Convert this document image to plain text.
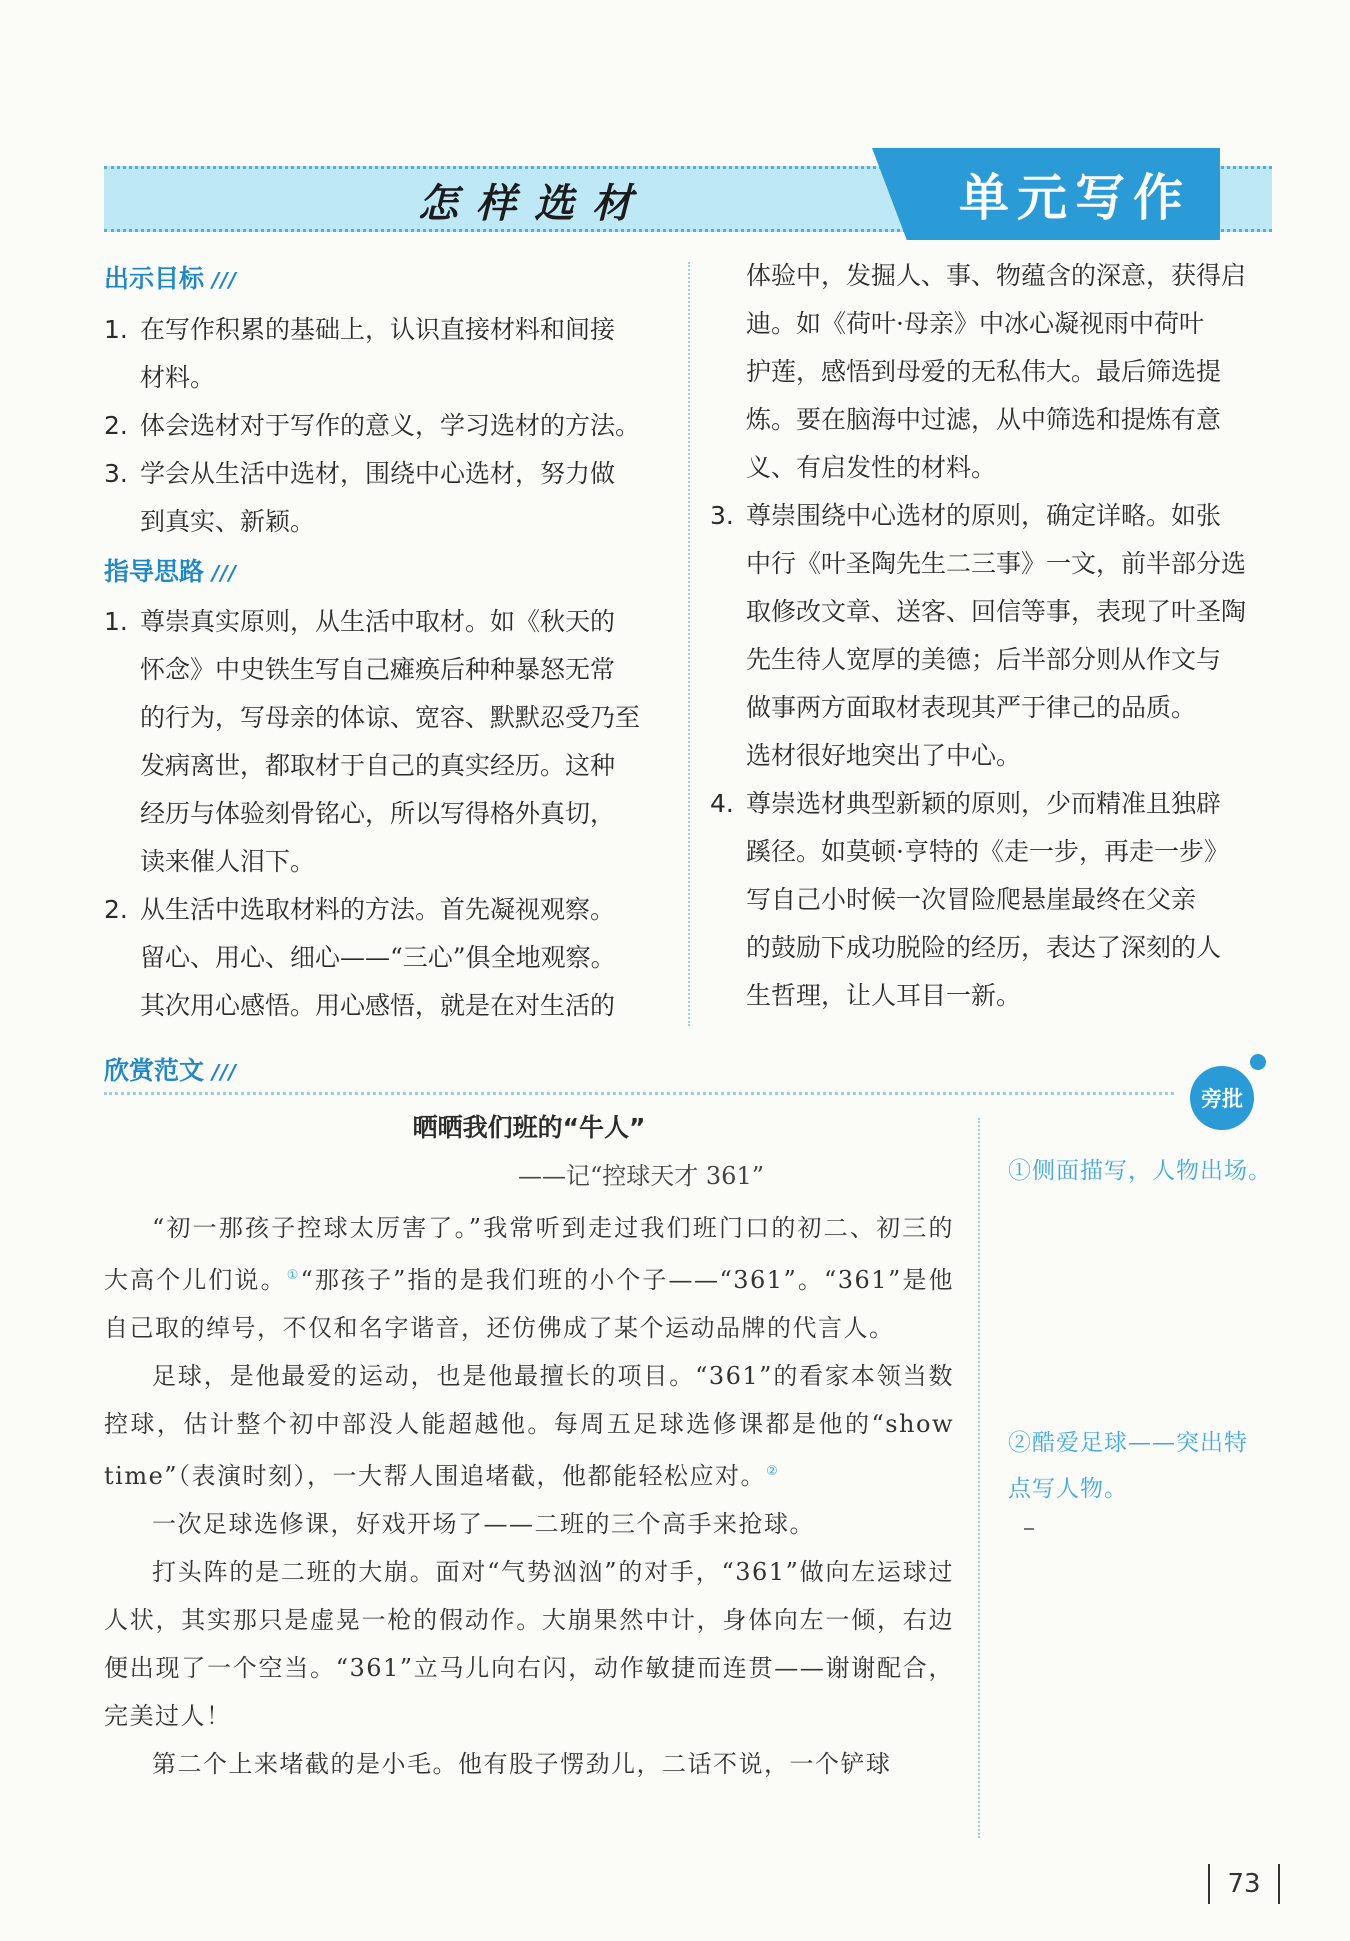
怎样选材	单元写作
出示目标 ///
1. 在写作积累的基础上，认识直接材料和间接
材料。
2. 体会选材对于写作的意义，学习选材的方法。
3. 学会从生活中选材，围绕中心选材，努力做
到真实、新颖。
指导思路 ///
1. 尊崇真实原则，从生活中取材。如《秋天的
怀念》中史铁生写自己瘫痪后种种暴怒无常
的行为，写母亲的体谅、宽容、默默忍受乃至
发病离世，都取材于自己的真实经历。这种
经历与体验刻骨铭心，所以写得格外真切，
读来催人泪下。
2. 从生活中选取材料的方法。首先凝视观察。
留心、用心、细心——“三心”俱全地观察。
其次用心感悟。用心感悟，就是在对生活的
体验中，发掘人、事、物蕴含的深意，获得启
迪。如《荷叶·母亲》中冰心凝视雨中荷叶
护莲，感悟到母爱的无私伟大。最后筛选提
炼。要在脑海中过滤，从中筛选和提炼有意
义、有启发性的材料。
3. 尊崇围绕中心选材的原则，确定详略。如张
中行《叶圣陶先生二三事》一文，前半部分选
取修改文章、送客、回信等事，表现了叶圣陶
先生待人宽厚的美德；后半部分则从作文与
做事两方面取材表现其严于律己的品质。
选材很好地突出了中心。
4. 尊崇选材典型新颖的原则，少而精准且独辟
蹊径。如莫顿·亨特的《走一步，再走一步》
写自己小时候一次冒险爬悬崖最终在父亲
的鼓励下成功脱险的经历，表达了深刻的人
生哲理，让人耳目一新。
欣赏范文 ///
旁批
晒晒我们班的“牛人”
——记“控球天才 361”

“初一那孩子控球太厉害了。”我常听到走过我们班门口的初二、初三的大高个儿们说。①“那孩子”指的是我们班的小个子——“361”。“361”是他自己取的绰号，不仅和名字谐音，还仿佛成了某个运动品牌的代言人。

足球，是他最爱的运动，也是他最擅长的项目。“361”的看家本领当数控球，估计整个初中部没人能超越他。每周五足球选修课都是他的“show time”（表演时刻），一大帮人围追堵截，他都能轻松应对。②

一次足球选修课，好戏开场了——二班的三个高手来抢球。

打头阵的是二班的大崩。面对“气势汹汹”的对手，“361”做向左运球过人状，其实那只是虚晃一枪的假动作。大崩果然中计，身体向左一倾，右边便出现了一个空当。“361”立马儿向右闪，动作敏捷而连贯——谢谢配合，完美过人！

第二个上来堵截的是小毛。他有股子愣劲儿，二话不说，一个铲球

①侧面描写，人物出场。
②酷爱足球——突出特
点写人物。
73
